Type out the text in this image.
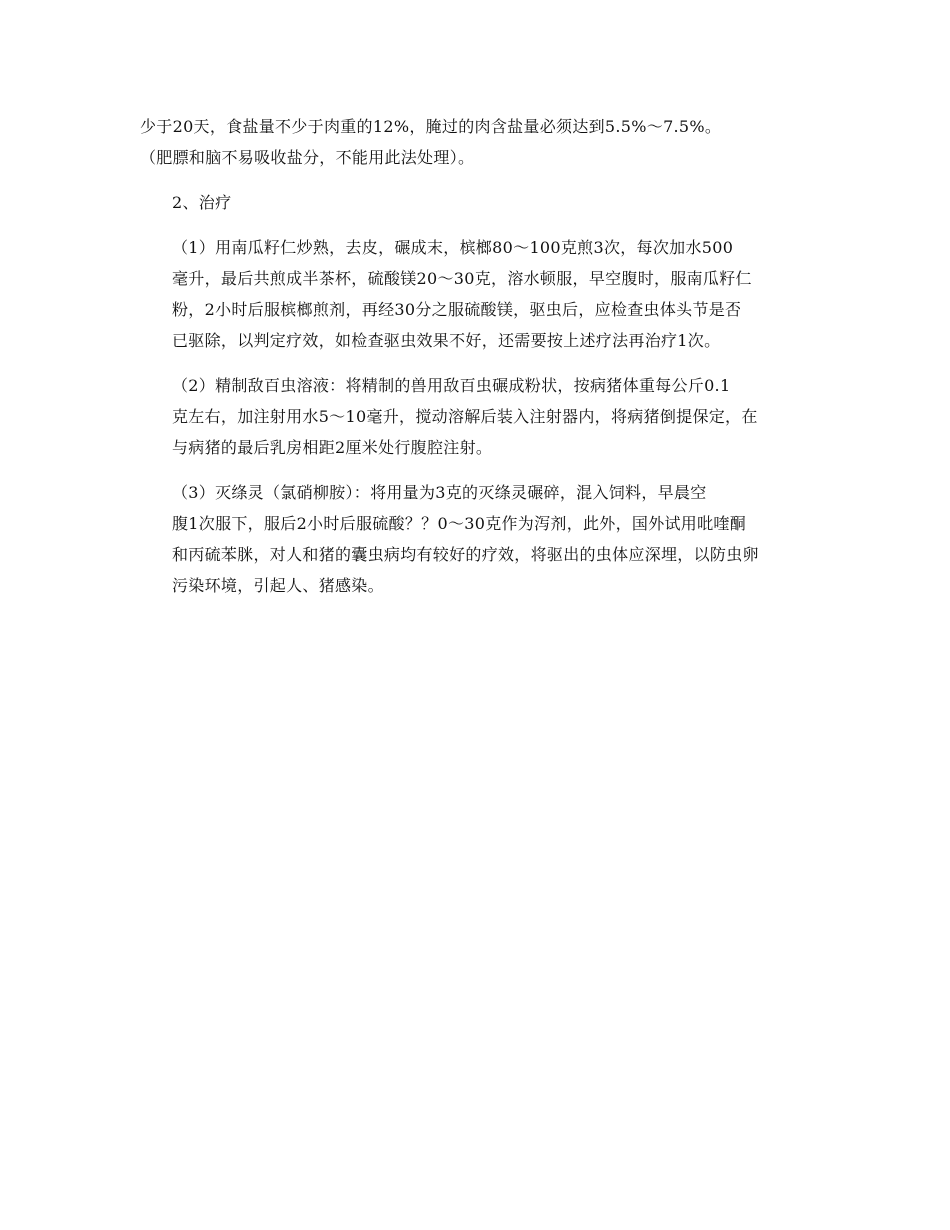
少于20天，食盐量不少于肉重的12%，腌过的肉含盐量必须达到5.5%～7.5%。
（肥膘和脑不易吸收盐分，不能用此法处理）。

2、治疗

（1）用南瓜籽仁炒熟，去皮，碾成末，槟榔80～100克煎3次，每次加水500
毫升，最后共煎成半茶杯，硫酸镁20～30克，溶水顿服，早空腹时，服南瓜籽仁
粉，2小时后服槟榔煎剂，再经30分之服硫酸镁，驱虫后，应检查虫体头节是否
已驱除，以判定疗效，如检查驱虫效果不好，还需要按上述疗法再治疗1次。

（2）精制敌百虫溶液：将精制的兽用敌百虫碾成粉状，按病猪体重每公斤0.1
克左右，加注射用水5～10毫升，搅动溶解后装入注射器内，将病猪倒提保定，在
与病猪的最后乳房相距2厘米处行腹腔注射。

（3）灭绦灵（氯硝柳胺）：将用量为3克的灭绦灵碾碎，混入饲料，早晨空
腹1次服下，服后2小时后服硫酸？？0～30克作为泻剂，此外，国外试用吡喹酮
和丙硫苯脒，对人和猪的囊虫病均有较好的疗效，将驱出的虫体应深埋，以防虫卵
污染环境，引起人、猪感染。
